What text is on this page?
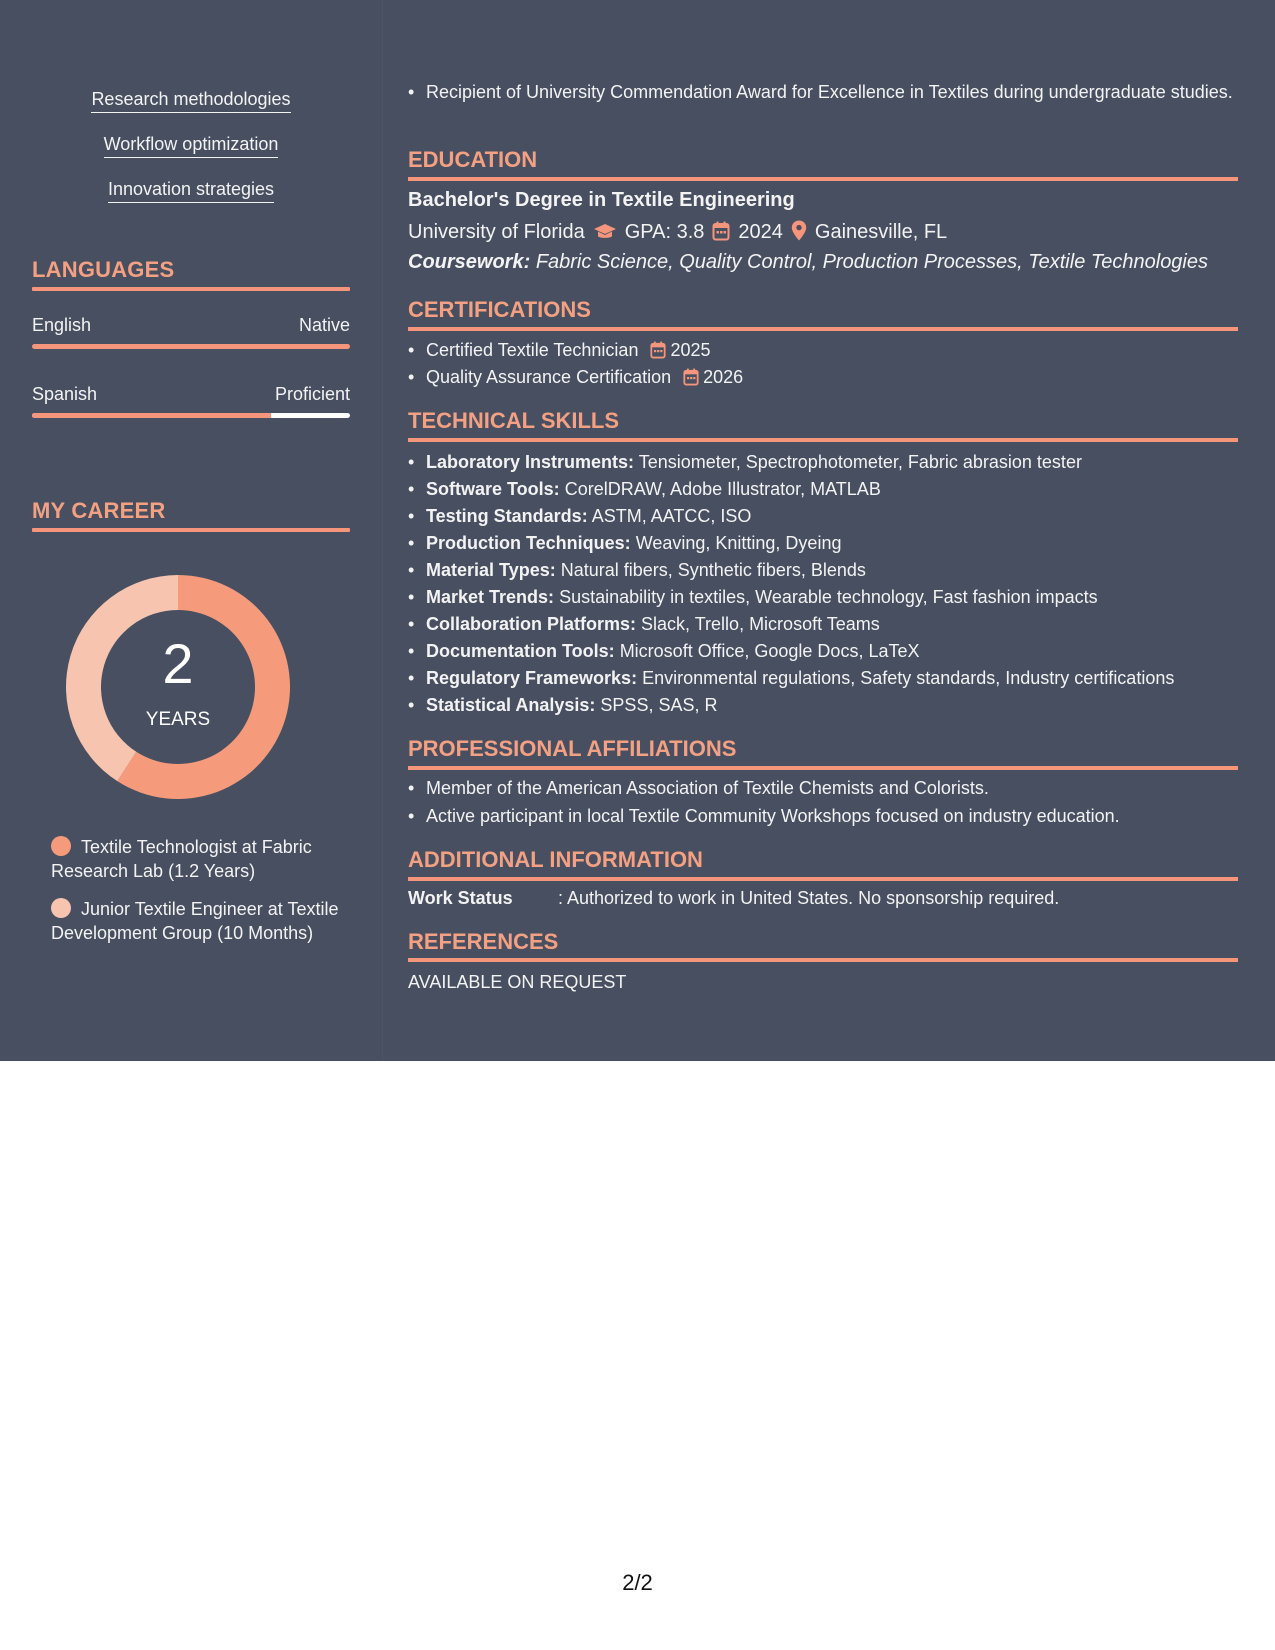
Research methodologies
Workflow optimization
Innovation strategies
LANGUAGES
English	Native
Spanish	Proficient
MY CAREER
2
YEARS
Textile Technologist at Fabric Research Lab (1.2 Years)
Junior Textile Engineer at Textile Development Group (10 Months)
• Recipient of University Commendation Award for Excellence in Textiles during undergraduate studies.
EDUCATION
Bachelor's Degree in Textile Engineering
University of Florida GPA: 3.8 2024 Gainesville, FL
Coursework: Fabric Science, Quality Control, Production Processes, Textile Technologies
CERTIFICATIONS
• Certified Textile Technician 2025
• Quality Assurance Certification 2026
TECHNICAL SKILLS
• Laboratory Instruments: Tensiometer, Spectrophotometer, Fabric abrasion tester
• Software Tools: CorelDRAW, Adobe Illustrator, MATLAB
• Testing Standards: ASTM, AATCC, ISO
• Production Techniques: Weaving, Knitting, Dyeing
• Material Types: Natural fibers, Synthetic fibers, Blends
• Market Trends: Sustainability in textiles, Wearable technology, Fast fashion impacts
• Collaboration Platforms: Slack, Trello, Microsoft Teams
• Documentation Tools: Microsoft Office, Google Docs, LaTeX
• Regulatory Frameworks: Environmental regulations, Safety standards, Industry certifications
• Statistical Analysis: SPSS, SAS, R
PROFESSIONAL AFFILIATIONS
• Member of the American Association of Textile Chemists and Colorists.
• Active participant in local Textile Community Workshops focused on industry education.
ADDITIONAL INFORMATION
Work Status	: Authorized to work in United States. No sponsorship required.
REFERENCES
AVAILABLE ON REQUEST
2/2
